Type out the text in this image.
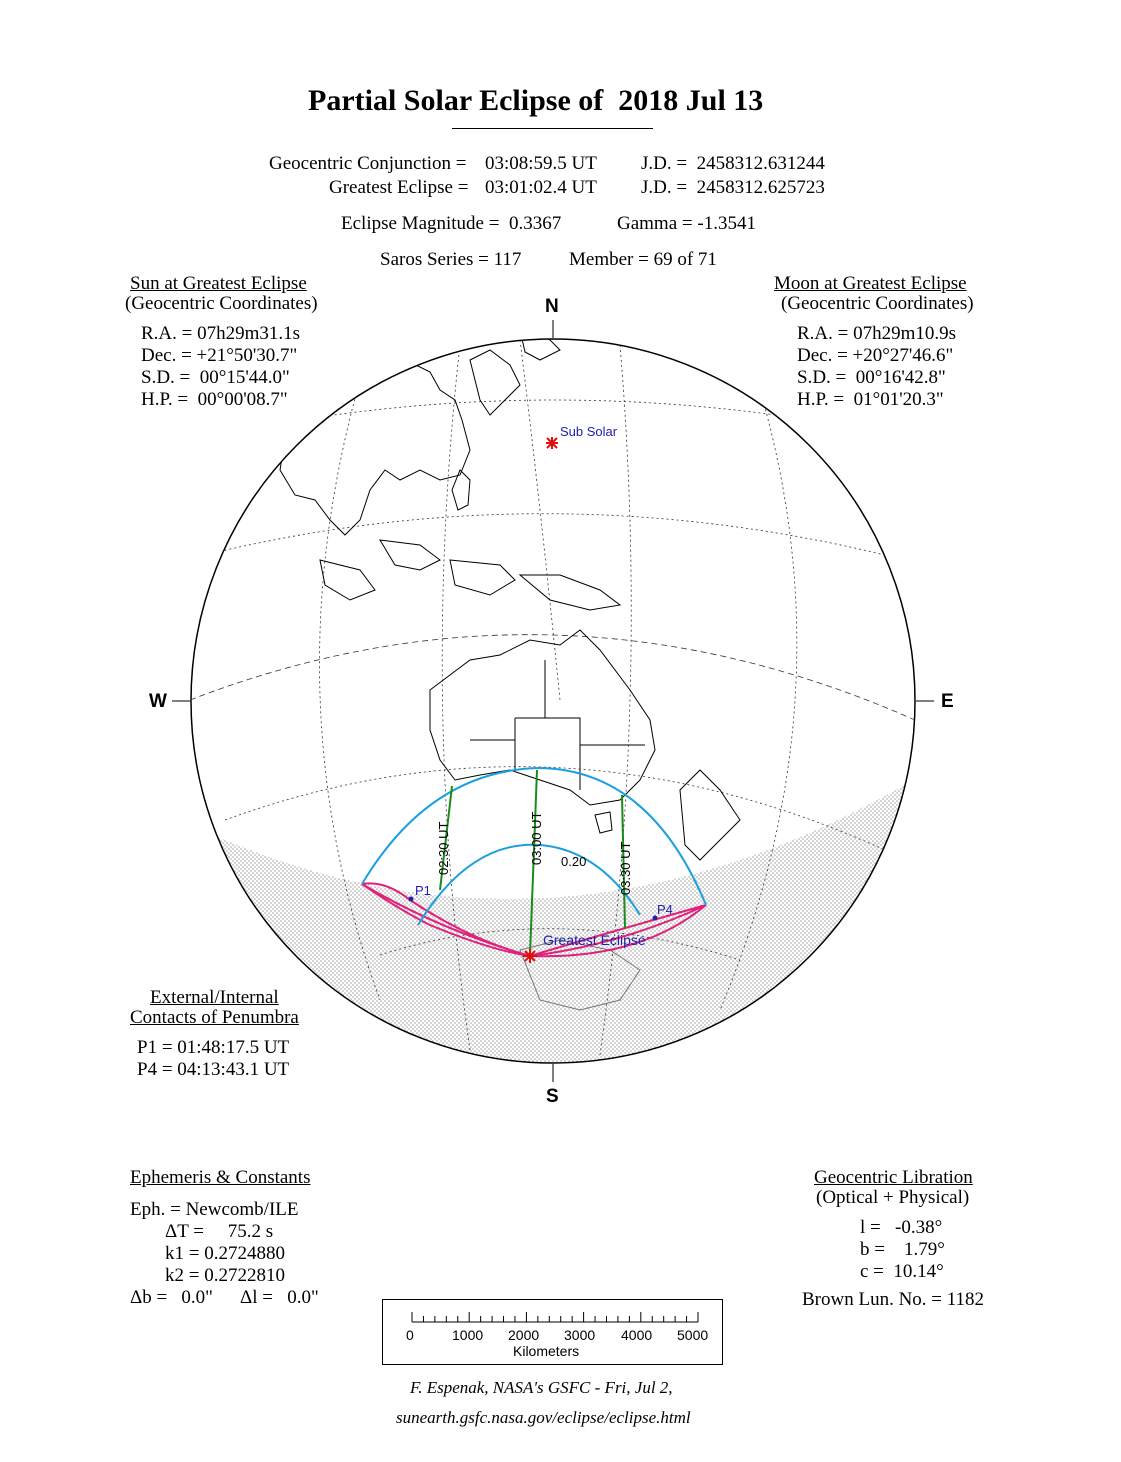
Partial Solar Eclipse of  2018 Jul 13
Geocentric Conjunction = 03:08:59.5 UT J.D. =  2458312.631244
Greatest Eclipse = 03:01:02.4 UT J.D. =  2458312.625723
Eclipse Magnitude =  0.3367	Gamma = -1.3541
Saros Series = 117	Member = 69 of 71
Sun at Greatest Eclipse
(Geocentric Coordinates)
R.A. = 07h29m31.1s
Dec. = +21°50'30.7"
S.D. =  00°15'44.0"
H.P. =  00°00'08.7"
Moon at Greatest Eclipse
(Geocentric Coordinates)
R.A. = 07h29m10.9s
Dec. = +20°27'46.6"
S.D. =  00°16'42.8"
H.P. =  01°01'20.3"
Sub Solar
P1
P4
02:30 UT	03:00 UT
03:30 UT
0.20
Greatest Eclipse
N
S
W	E
External/Internal
Contacts of Penumbra
P1 = 01:48:17.5 UT
P4 = 04:13:43.1 UT
Ephemeris & Constants
Eph. = Newcomb/ILE
ΔT =     75.2 s
k1 = 0.2724880
k2 = 0.2722810
Δb =   0.0" Δl =   0.0"
Geocentric Libration
(Optical + Physical)
l =   -0.38°
b =    1.79°
c =  10.14°
Brown Lun. No. = 1182

0

	1000

2000

3000

4000

5000

Kilometers

F. Espenak, NASA's GSFC - Fri, Jul 2,
sunearth.gsfc.nasa.gov/eclipse/eclipse.html
